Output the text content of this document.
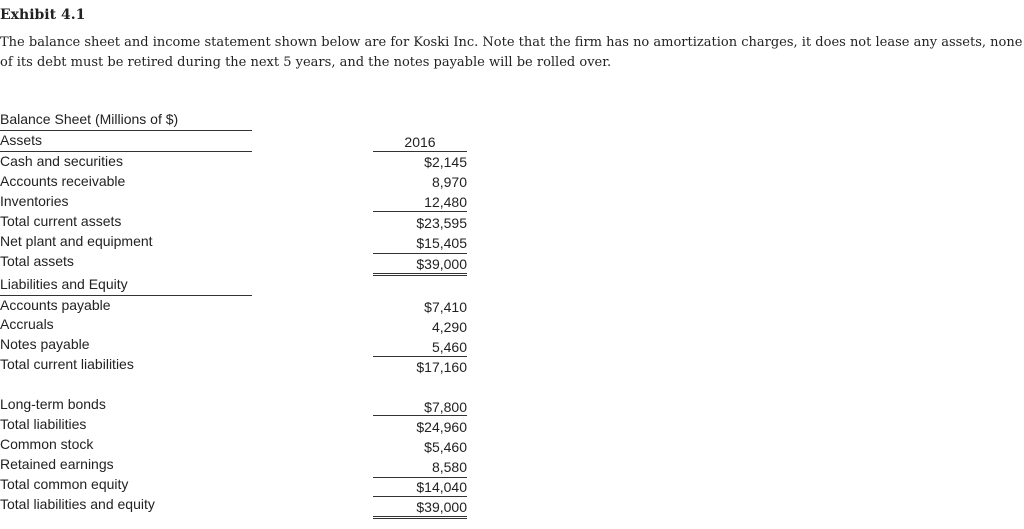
Exhibit 4.1
The balance sheet and income statement shown below are for Koski Inc. Note that the firm has no amortization charges, it does not lease any assets, none of its debt must be retired during the next 5 years, and the notes payable will be rolled over.
Balance Sheet (Millions of $)
Assets	2016
Cash and securities	$2,145
Accounts receivable	8,970
Inventories	12,480
Total current assets	$23,595
Net plant and equipment	$15,405
Total assets	$39,000
Liabilities and Equity
Accounts payable	$7,410
Accruals	4,290
Notes payable	5,460
Total current liabilities	$17,160
Long-term bonds	$7,800
Total liabilities	$24,960
Common stock	$5,460
Retained earnings	8,580
Total common equity	$14,040
Total liabilities and equity	$39,000
